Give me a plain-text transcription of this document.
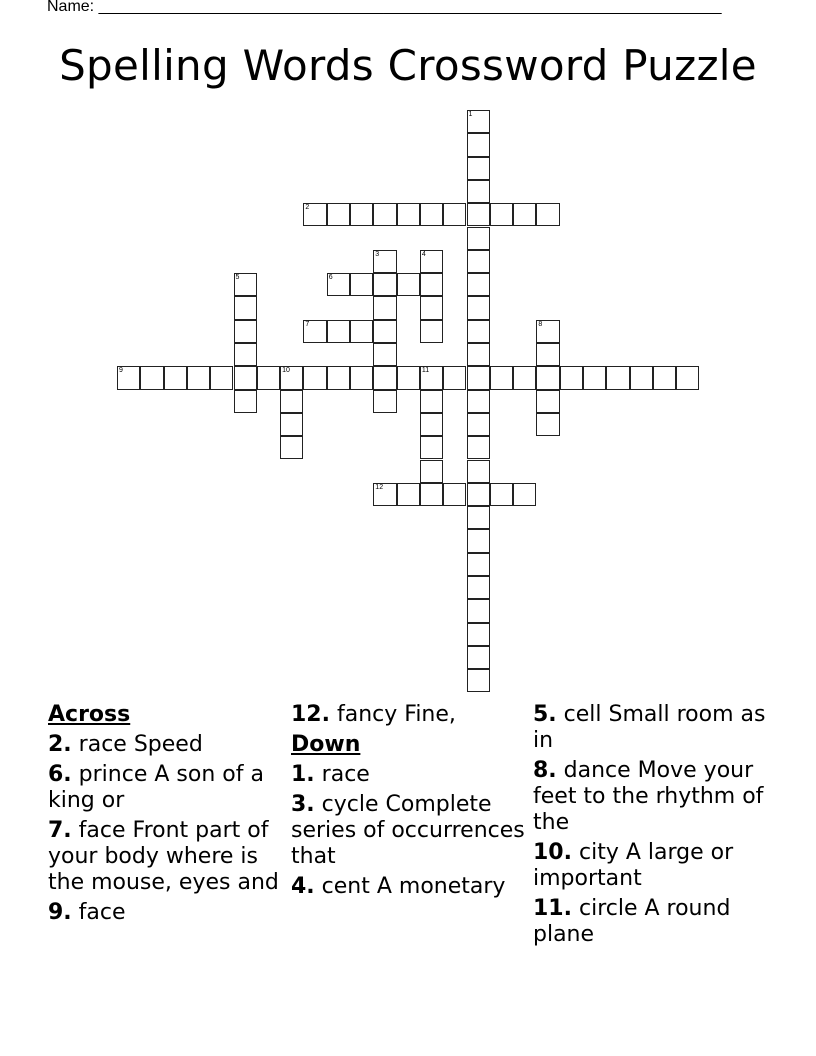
Name: ______________________________________________________________________
Spelling Words Crossword Puzzle
1
2
3	4
5	6
7	8
9	10	11
12
Across
2. race Speed
6. prince A son of a king or
7. face Front part of your body where is the mouse, eyes and
9. face
12. fancy Fine,
Down
1. race
3. cycle Complete series of occurrences that
4. cent A monetary
5. cell Small room as in
8. dance Move your feet to the rhythm of the
10. city A large or important
11. circle A round plane
